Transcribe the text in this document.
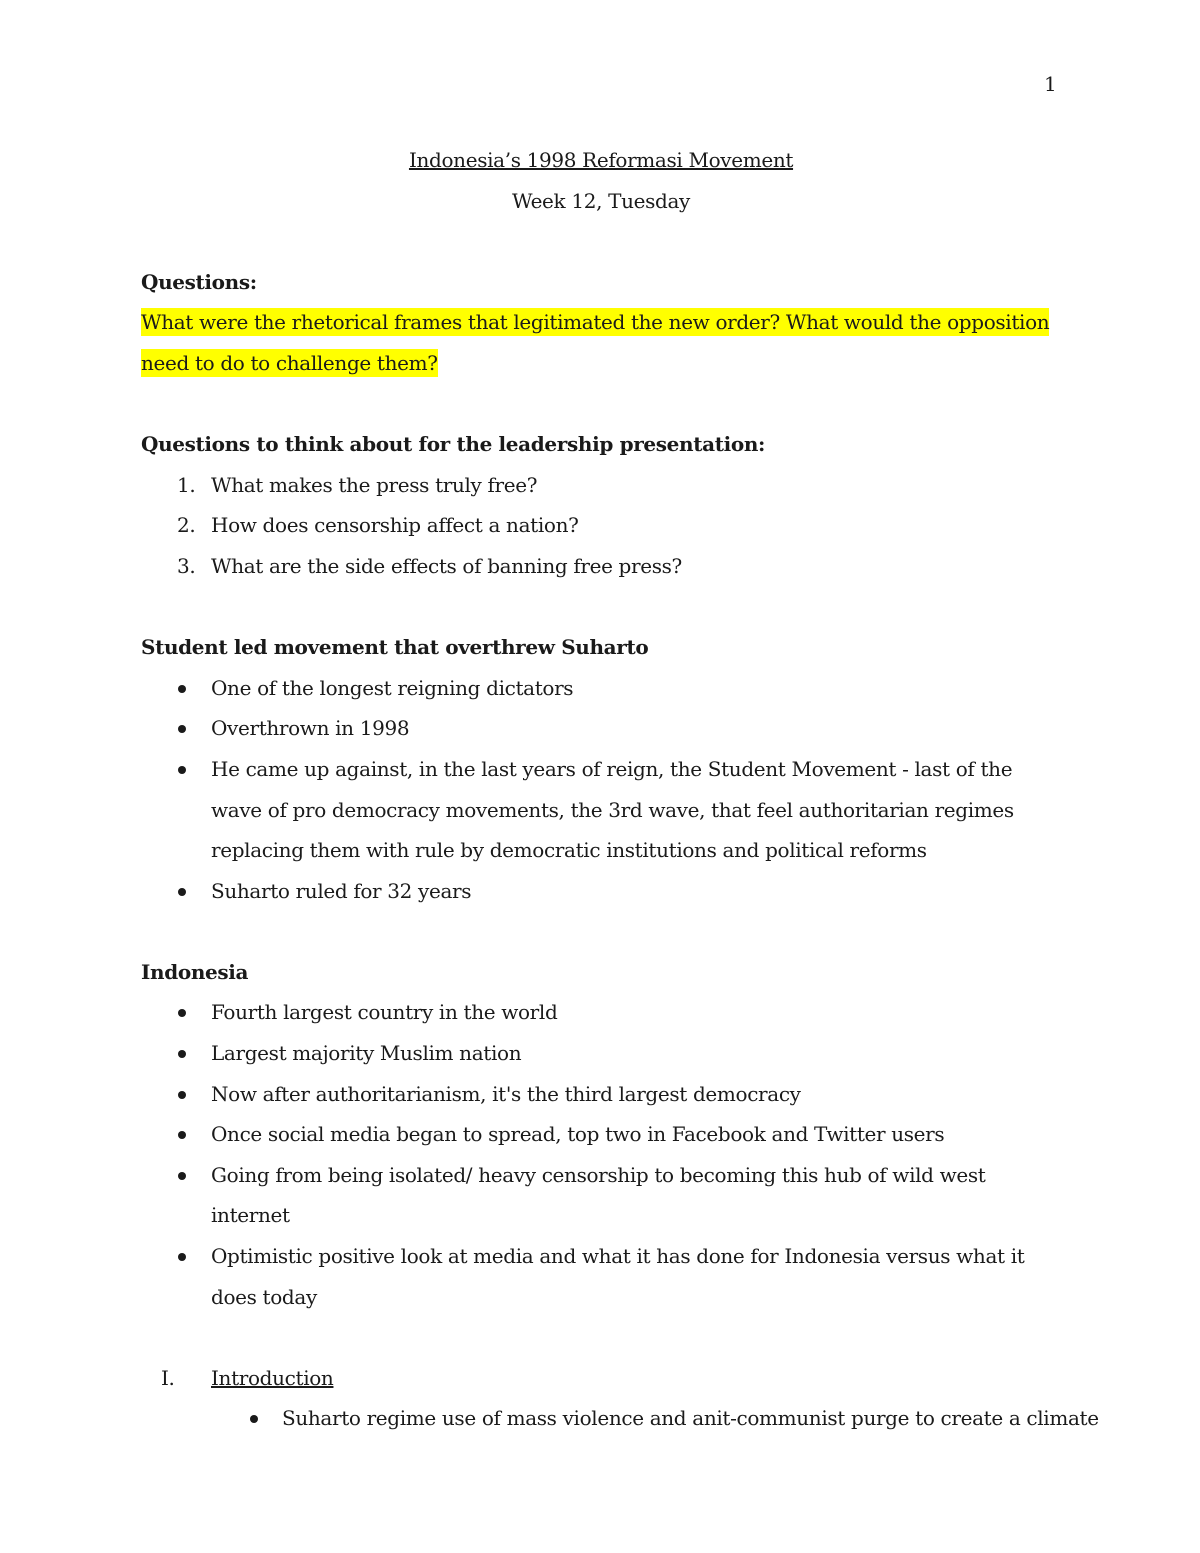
1
Indonesia’s 1998 Reformasi Movement
Week 12, Tuesday
Questions:
What were the rhetorical frames that legitimated the new order? What would the opposition need to do to challenge them?
Questions to think about for the leadership presentation:
1. What makes the press truly free?
2. How does censorship affect a nation?
3. What are the side effects of banning free press?
Student led movement that overthrew Suharto
One of the longest reigning dictators
Overthrown in 1998
He came up against, in the last years of reign, the Student Movement - last of the wave of pro democracy movements, the 3rd wave, that feel authoritarian regimes replacing them with rule by democratic institutions and political reforms
Suharto ruled for 32 years
Indonesia
Fourth largest country in the world
Largest majority Muslim nation
Now after authoritarianism, it's the third largest democracy
Once social media began to spread, top two in Facebook and Twitter users
Going from being isolated/ heavy censorship to becoming this hub of wild west internet
Optimistic positive look at media and what it has done for Indonesia versus what it does today
I. Introduction
Suharto regime use of mass violence and anit-communist purge to create a climate
